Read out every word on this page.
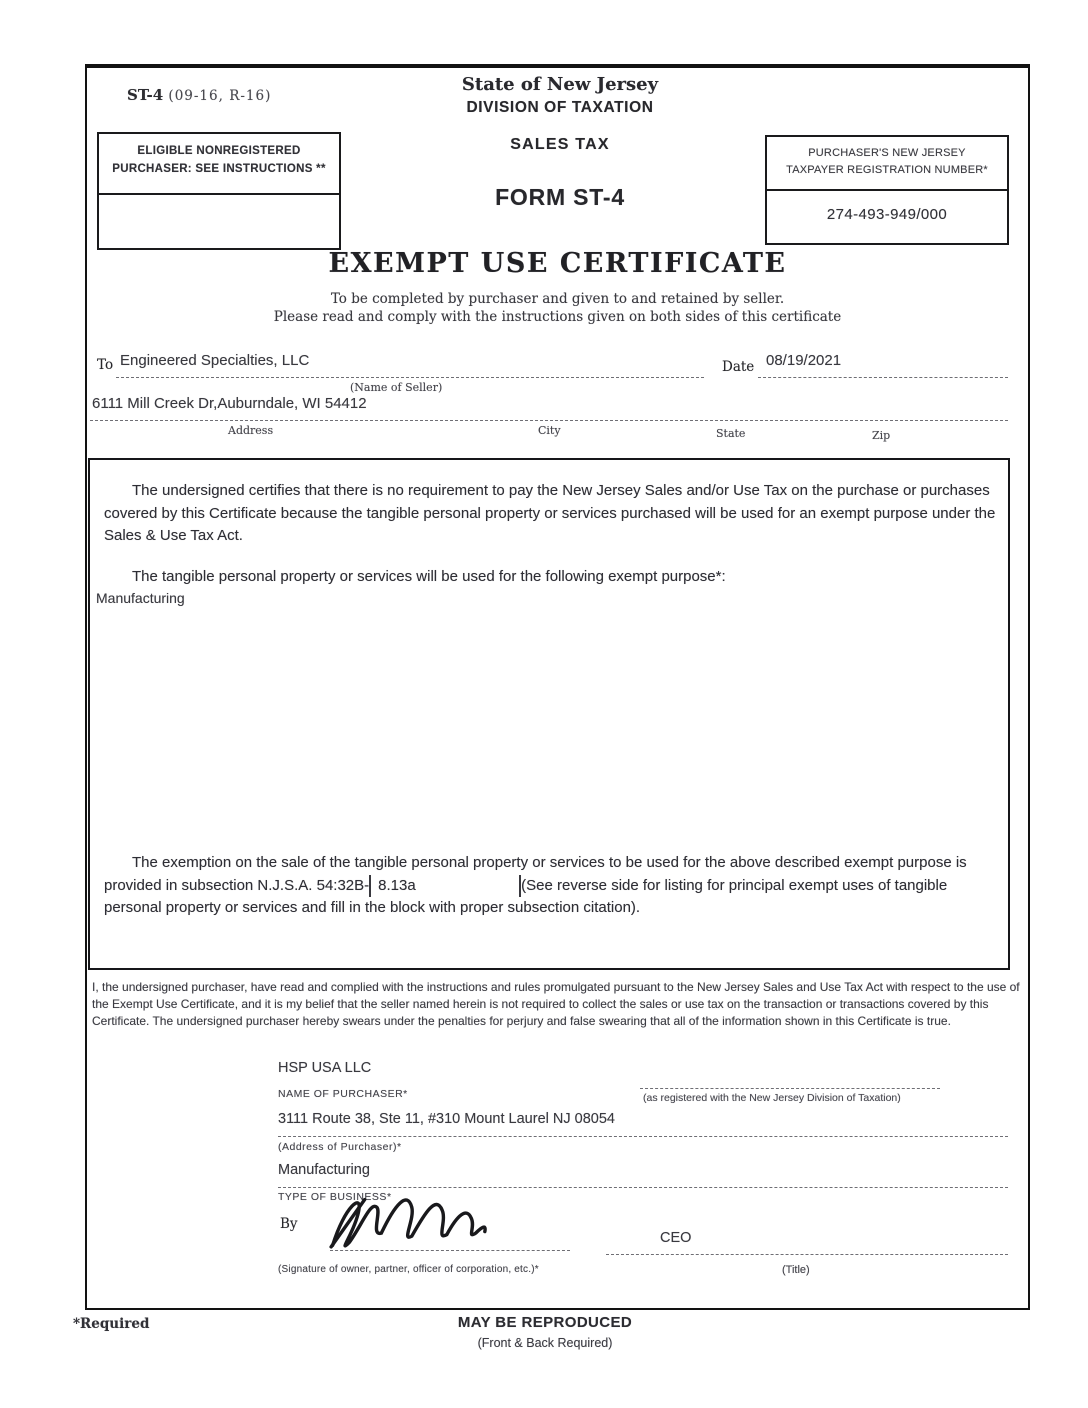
ST-4 (09-16, R-16)
ELIGIBLE NONREGISTERED
PURCHASER: SEE INSTRUCTIONS **
State of New Jersey
DIVISION OF TAXATION
SALES TAX
FORM ST-4
PURCHASER'S NEW JERSEY
TAXPAYER REGISTRATION NUMBER*
274-493-949/000
EXEMPT USE CERTIFICATE
To be completed by purchaser and given to and retained by seller.
Please read and comply with the instructions given on both sides of this certificate
To Engineered Specialties, LLC
(Name of Seller)
Date 08/19/2021
6111 Mill Creek Dr,Auburndale, WI 54412
Address	City	State	Zip

The undersigned certifies that there is no requirement to pay the New Jersey Sales and/or Use Tax on the purchase or purchases covered by this Certificate because the tangible personal property or services purchased will be used for an exempt purpose under the Sales & Use Tax Act.

The tangible personal property or services will be used for the following exempt purpose*:

Manufacturing

The exemption on the sale of the tangible personal property or services to be used for the above described exempt purpose is provided in subsection N.J.S.A. 54:32B- 8.13a	(See reverse side for listing for principal exempt uses of tangible personal property or services and fill in the block with proper subsection citation).

I, the undersigned purchaser, have read and complied with the instructions and rules promulgated pursuant to the New Jersey Sales and Use Tax Act with respect to the use of the Exempt Use Certificate, and it is my belief that the seller named herein is not required to collect the sales or use tax on the transaction or transactions covered by this Certificate. The undersigned purchaser hereby swears under the penalties for perjury and false swearing that all of the information shown in this Certificate is true.
HSP USA LLC
NAME OF PURCHASER*	(as registered with the New Jersey Division of Taxation)
3111 Route 38, Ste 11, #310 Mount Laurel NJ 08054
(Address of Purchaser)*
Manufacturing
TYPE OF BUSINESS*
By
(Signature of owner, partner, officer of corporation, etc.)*
CEO
(Title)
*Required	MAY BE REPRODUCED
(Front & Back Required)
